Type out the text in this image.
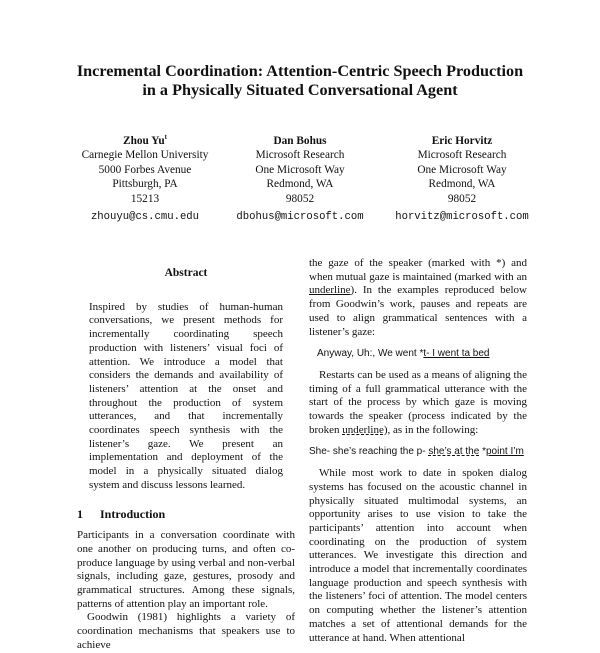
Incremental Coordination: Attention-Centric Speech Production
in a Physically Situated Conversational Agent
Zhou Yu$^t$
Carnegie Mellon University
5000 Forbes Avenue
Pittsburgh, PA
15213
zhouyu@cs.cmu.edu
Dan Bohus
Microsoft Research
One Microsoft Way
Redmond, WA
98052
dbohus@microsoft.com
Eric Horvitz
Microsoft Research
One Microsoft Way
Redmond, WA
98052
horvitz@microsoft.com
Abstract

Inspired by studies of human-human conversations, we present methods for incrementally coordinating speech production with listeners’ visual foci of attention. We introduce a model that considers the demands and availability of listeners’ attention at the onset and throughout the production of system utterances, and that incrementally coordinates speech synthesis with the listener’s gaze. We present an implementation and deployment of the model in a physically situated dialog system and discuss lessons learned.

1 Introduction

Participants in a conversation coordinate with one another on producing turns, and often co-produce language by using verbal and non-verbal signals, including gaze, gestures, prosody and grammatical structures. Among these signals, patterns of attention play an important role.

Goodwin (1981) highlights a variety of coordination mechanisms that speakers use to achieve

the gaze of the speaker (marked with *) and when mutual gaze is maintained (marked with an underline). In the examples reproduced below from Goodwin’s work, pauses and repeats are used to align grammatical sentences with a listener’s gaze:

Anyway, Uh:, We went *t- I went ta bed

Restarts can be used as a means of aligning the timing of a full grammatical utterance with the start of the process by which gaze is moving towards the speaker (process indicated by the broken underline), as in the following:

She- she’s reaching the p- she’s at the *point I’m

While most work to date in spoken dialog systems has focused on the acoustic channel in physically situated multimodal systems, an opportunity arises to use vision to take the participants’ attention into account when coordinating on the production of system utterances. We investigate this direction and introduce a model that incrementally coordinates language production and speech synthesis with the listeners’ foci of attention. The model centers on computing whether the listener’s attention matches a set of attentional demands for the utterance at hand. When attentional
